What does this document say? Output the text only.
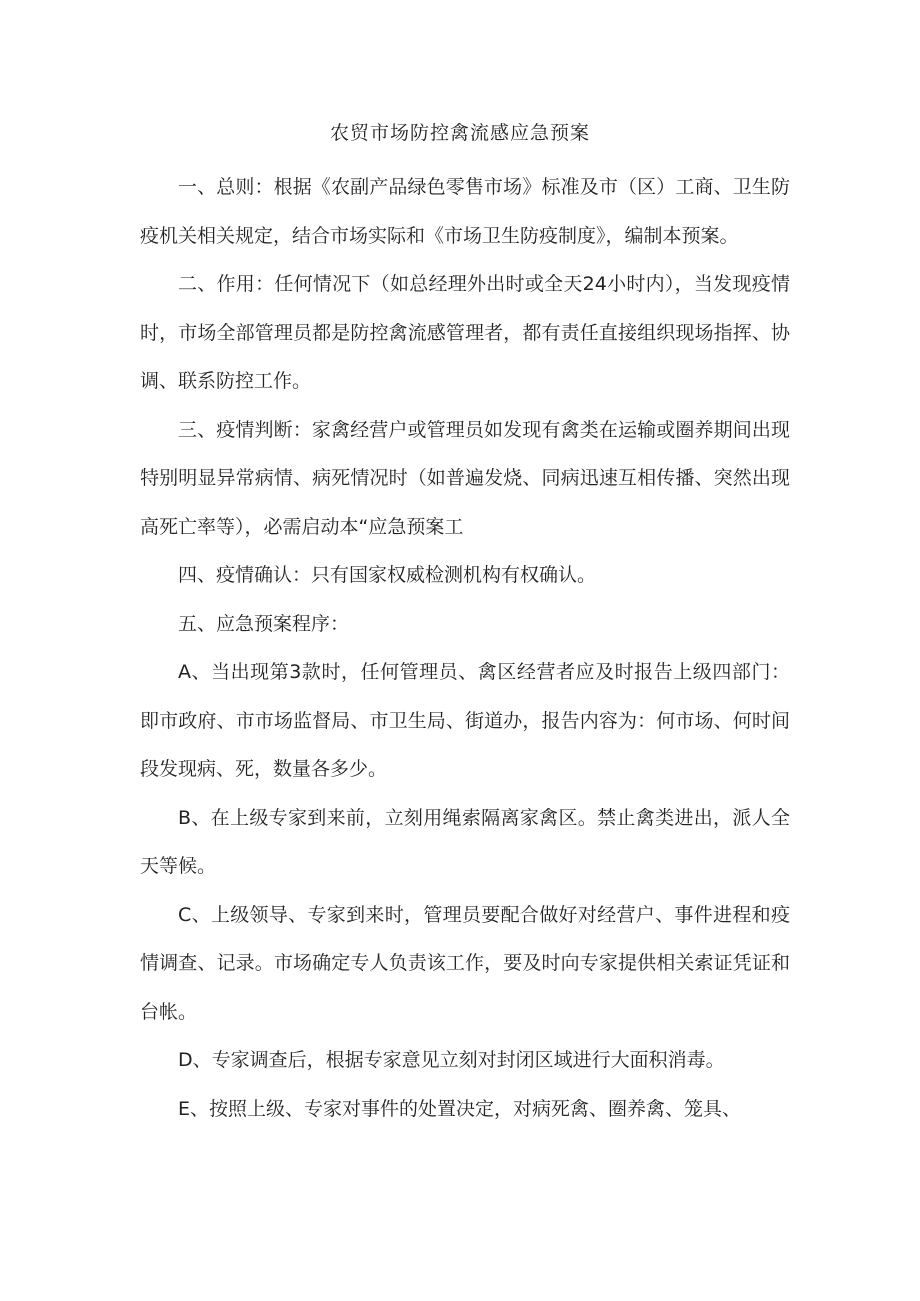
农贸市场防控禽流感应急预案

一、总则：根据《农副产品绿色零售市场》标准及市（区）工商、卫生防疫机关相关规定，结合市场实际和《市场卫生防疫制度》，编制本预案。

二、作用：任何情况下（如总经理外出时或全天24小时内），当发现疫情时，市场全部管理员都是防控禽流感管理者，都有责任直接组织现场指挥、协调、联系防控工作。

三、疫情判断：家禽经营户或管理员如发现有禽类在运输或圈养期间出现特别明显异常病情、病死情况时（如普遍发烧、同病迅速互相传播、突然出现高死亡率等），必需启动本“应急预案工

四、疫情确认：只有国家权威检测机构有权确认。

五、应急预案程序：

A、当出现第3款时，任何管理员、禽区经营者应及时报告上级四部门：即市政府、市市场监督局、市卫生局、街道办，报告内容为：何市场、何时间段发现病、死，数量各多少。

B、在上级专家到来前，立刻用绳索隔离家禽区。禁止禽类进出，派人全天等候。

C、上级领导、专家到来时，管理员要配合做好对经营户、事件进程和疫情调查、记录。市场确定专人负责该工作，要及时向专家提供相关索证凭证和台帐。

D、专家调查后，根据专家意见立刻对封闭区域进行大面积消毒。

E、按照上级、专家对事件的处置决定，对病死禽、圈养禽、笼具、
